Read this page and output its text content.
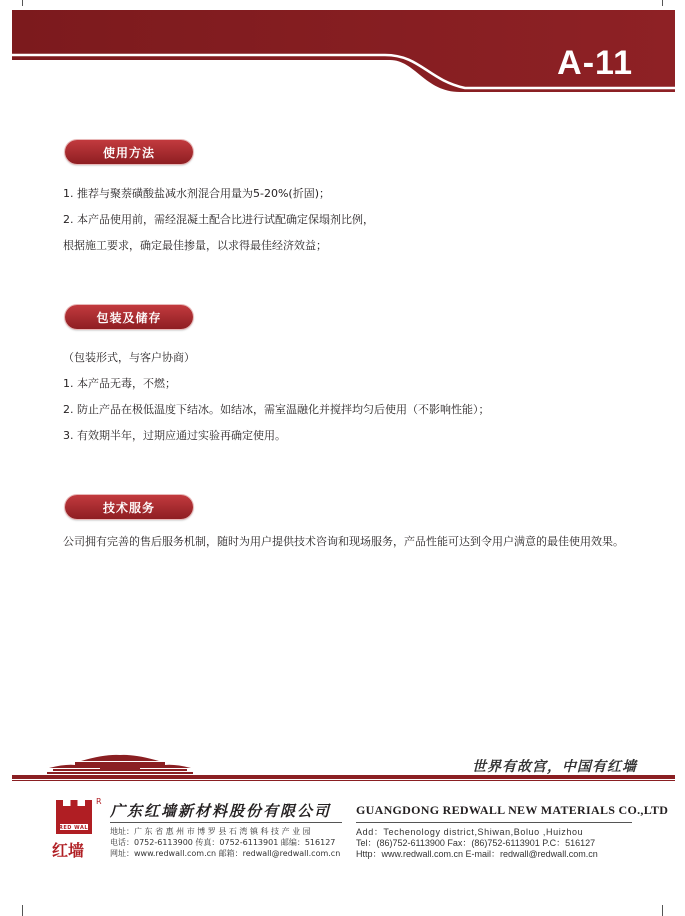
A-11
使用方法
1. 推荐与聚萘磺酸盐减水剂混合用量为5-20%(折固)；
2. 本产品使用前，需经混凝土配合比进行试配确定保塌剂比例，
根据施工要求，确定最佳掺量，以求得最佳经济效益；
包装及储存
（包装形式，与客户协商）
1. 本产品无毒，不燃；
2. 防止产品在极低温度下结冰。如结冰，需室温融化并搅拌均匀后使用（不影响性能）；
3. 有效期半年，过期应通过实验再确定使用。
技术服务
公司拥有完善的售后服务机制，随时为用户提供技术咨询和现场服务，产品性能可达到令用户满意的最佳使用效果。
世界有故宫，中国有红墙
RED WALL
R
红墙
广东红墙新材料股份有限公司 GUANGDONG REDWALL NEW MATERIALS CO.,LTD
地址：广 东 省 惠 州 市 博 罗 县 石 湾 镇 科 技 产 业 园
电话：0752-6113900 传真：0752-6113901 邮编：516127
网址：www.redwall.com.cn 邮箱：redwall@redwall.com.cn
Add：Techenology district,Shiwan,Boluo ,Huizhou
Tel：(86)752-6113900 Fax：(86)752-6113901 P.C：516127
Http：www.redwall.com.cn E-mail：redwall@redwall.com.cn
